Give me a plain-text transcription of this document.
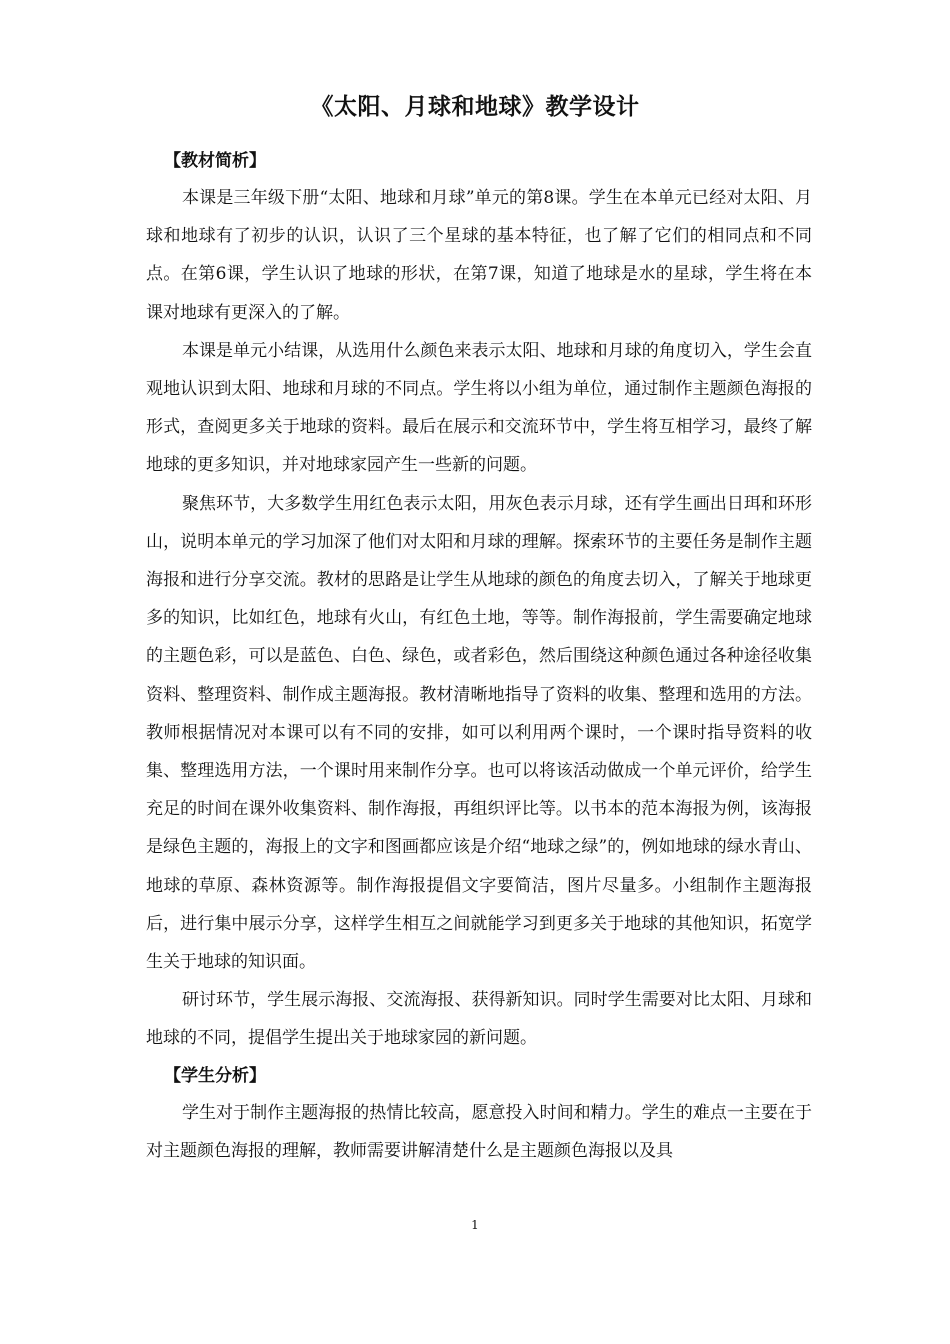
《太阳、月球和地球》教学设计

【教材简析】

本课是三年级下册“太阳、地球和月球”单元的第8课。学生在本单元已经对太阳、月球和地球有了初步的认识，认识了三个星球的基本特征，也了解了它们的相同点和不同点。在第6课，学生认识了地球的形状，在第7课，知道了地球是水的星球，学生将在本课对地球有更深入的了解。

本课是单元小结课，从选用什么颜色来表示太阳、地球和月球的角度切入，学生会直观地认识到太阳、地球和月球的不同点。学生将以小组为单位，通过制作主题颜色海报的形式，查阅更多关于地球的资料。最后在展示和交流环节中，学生将互相学习，最终了解地球的更多知识，并对地球家园产生一些新的问题。

聚焦环节，大多数学生用红色表示太阳，用灰色表示月球，还有学生画出日珥和环形山，说明本单元的学习加深了他们对太阳和月球的理解。探索环节的主要任务是制作主题海报和进行分享交流。教材的思路是让学生从地球的颜色的角度去切入，了解关于地球更多的知识，比如红色，地球有火山，有红色土地，等等。制作海报前，学生需要确定地球的主题色彩，可以是蓝色、白色、绿色，或者彩色，然后围绕这种颜色通过各种途径收集资料、整理资料、制作成主题海报。教材清晰地指导了资料的收集、整理和选用的方法。教师根据情况对本课可以有不同的安排，如可以利用两个课时，一个课时指导资料的收集、整理选用方法，一个课时用来制作分享。也可以将该活动做成一个单元评价，给学生充足的时间在课外收集资料、制作海报，再组织评比等。以书本的范本海报为例，该海报是绿色主题的，海报上的文字和图画都应该是介绍“地球之绿”的，例如地球的绿水青山、地球的草原、森林资源等。制作海报提倡文字要简洁，图片尽量多。小组制作主题海报后，进行集中展示分享，这样学生相互之间就能学习到更多关于地球的其他知识，拓宽学生关于地球的知识面。

研讨环节，学生展示海报、交流海报、获得新知识。同时学生需要对比太阳、月球和地球的不同，提倡学生提出关于地球家园的新问题。

【学生分析】

学生对于制作主题海报的热情比较高，愿意投入时间和精力。学生的难点一主要在于对主题颜色海报的理解，教师需要讲解清楚什么是主题颜色海报以及具

1
